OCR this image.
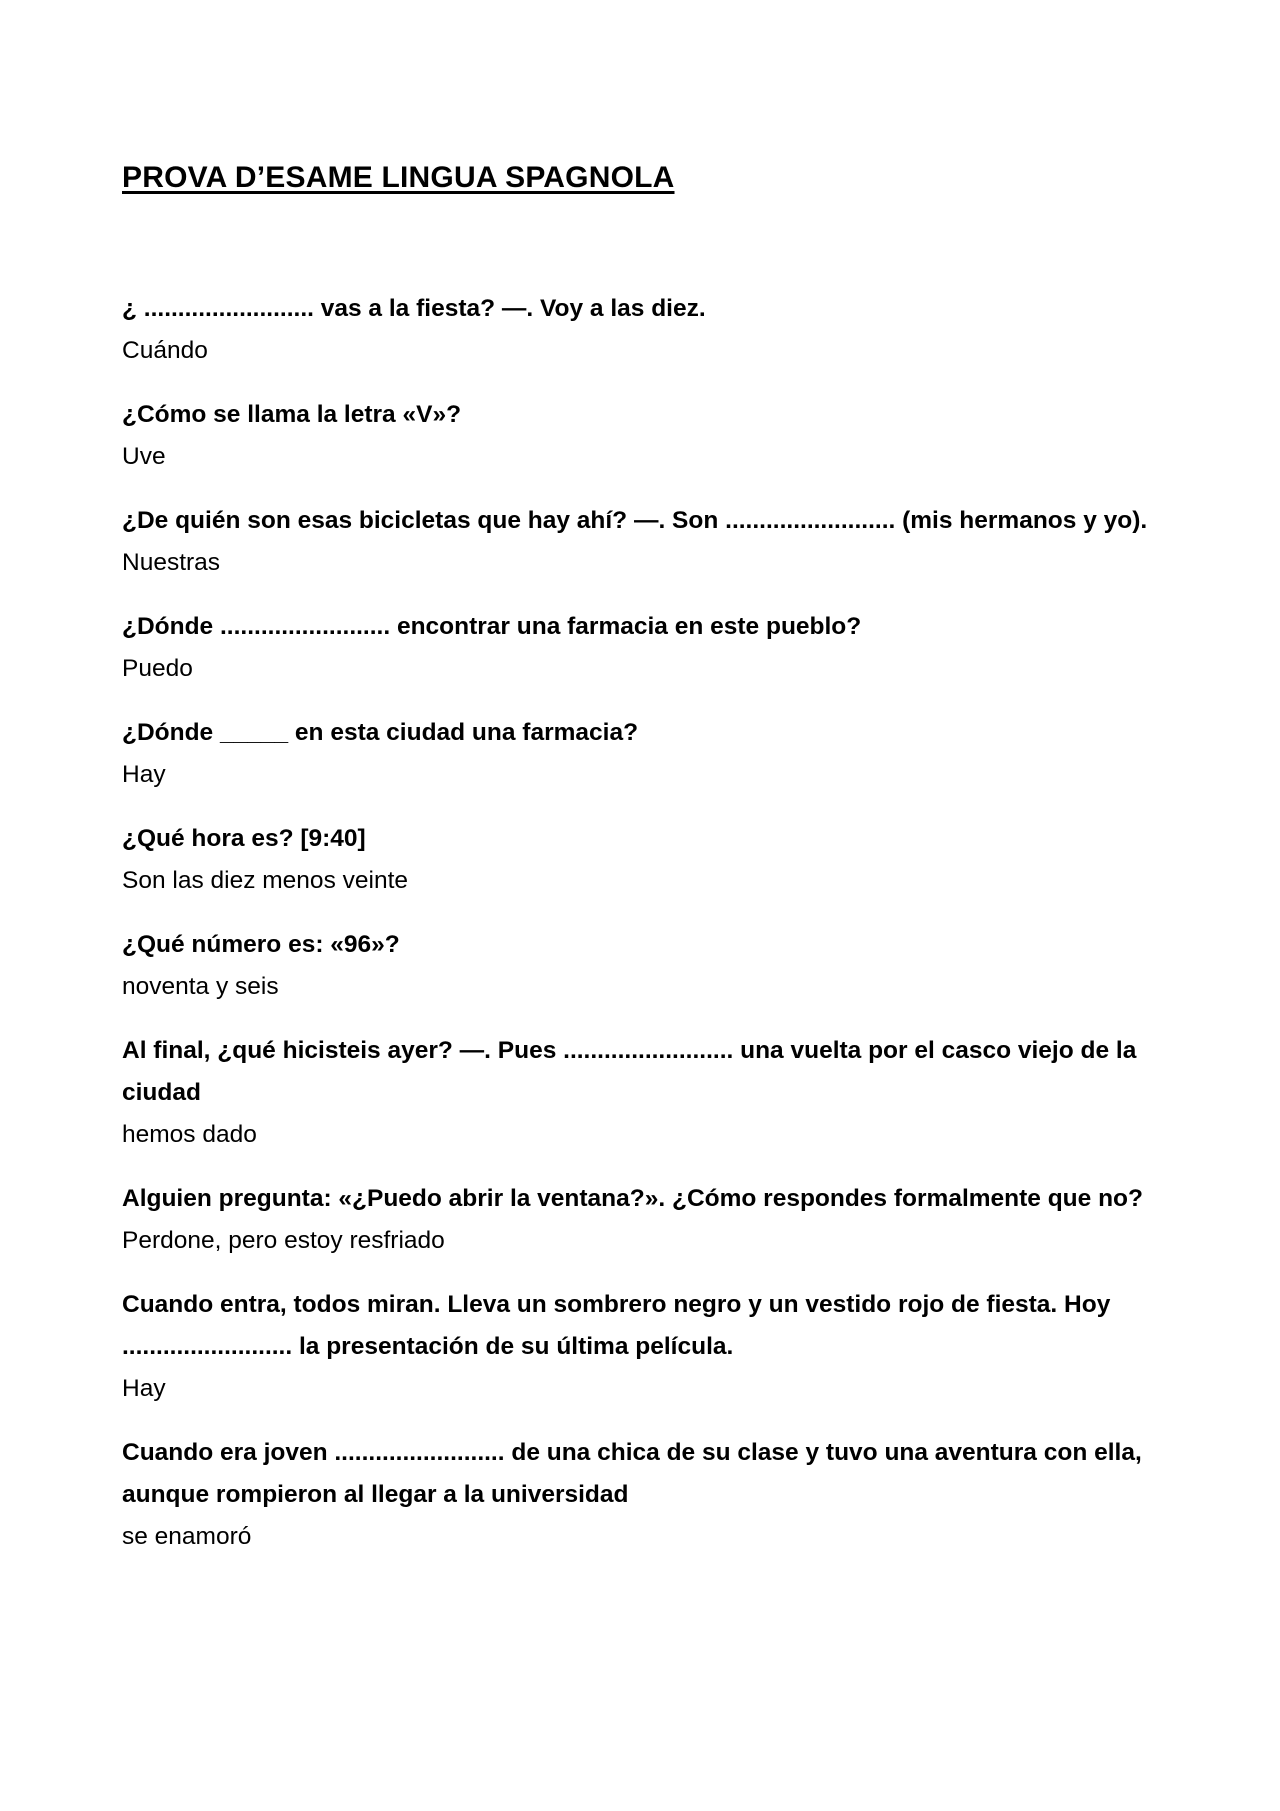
PROVA D’ESAME LINGUA SPAGNOLA

¿ ......................... vas a la fiesta? —. Voy a las diez.

Cuándo

¿Cómo se llama la letra «V»?

Uve

¿De quién son esas bicicletas que hay ahí? —. Son ......................... (mis hermanos y yo).

Nuestras

¿Dónde ......................... encontrar una farmacia en este pueblo?

Puedo

¿Dónde _____ en esta ciudad una farmacia?

Hay

¿Qué hora es? [9:40]

Son las diez menos veinte

¿Qué número es: «96»?

noventa y seis

Al final, ¿qué hicisteis ayer? —. Pues ......................... una vuelta por el casco viejo de la ciudad

hemos dado

Alguien pregunta: «¿Puedo abrir la ventana?». ¿Cómo respondes formalmente que no?

Perdone, pero estoy resfriado

Cuando entra, todos miran. Lleva un sombrero negro y un vestido rojo de fiesta. Hoy ......................... la presentación de su última película.

Hay

Cuando era joven ......................... de una chica de su clase y tuvo una aventura con ella, aunque rompieron al llegar a la universidad

se enamoró
